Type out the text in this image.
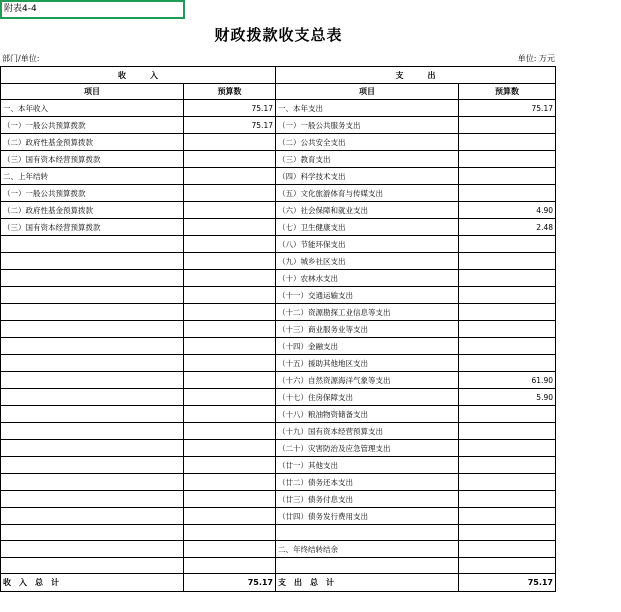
附表4-4
财政拨款收支总表
部门/单位:	单位: 万元
收　　　入		支　　　出	
项目	预算数	项目	预算数
一、本年收入	75.17	一、本年支出	75.17
（一）一般公共预算拨款	75.17	（一）一般公共服务支出	
（二）政府性基金预算拨款		（二）公共安全支出	
（三）国有资本经营预算拨款		（三）教育支出	
二、上年结转		（四）科学技术支出	
（一）一般公共预算拨款		（五）文化旅游体育与传媒支出	
（二）政府性基金预算拨款		（六）社会保障和就业支出	4.90
（三）国有资本经营预算拨款		（七）卫生健康支出	2.48
		（八）节能环保支出	
		（九）城乡社区支出	
		（十）农林水支出	
		（十一）交通运输支出	
		（十二）资源勘探工业信息等支出	
		（十三）商业服务业等支出	
		（十四）金融支出	
		（十五）援助其他地区支出	
		（十六）自然资源海洋气象等支出	61.90
		（十七）住房保障支出	5.90
		（十八）粮油物资储备支出	
		（十九）国有资本经营预算支出	
		（二十）灾害防治及应急管理支出	
		（廿一）其他支出	
		（廿二）债务还本支出	
		（廿三）债务付息支出	
		（廿四）债务发行费用支出	

		二、年终结转结余	

收　入　总　计	75.17	支　出　总　计	75.17
